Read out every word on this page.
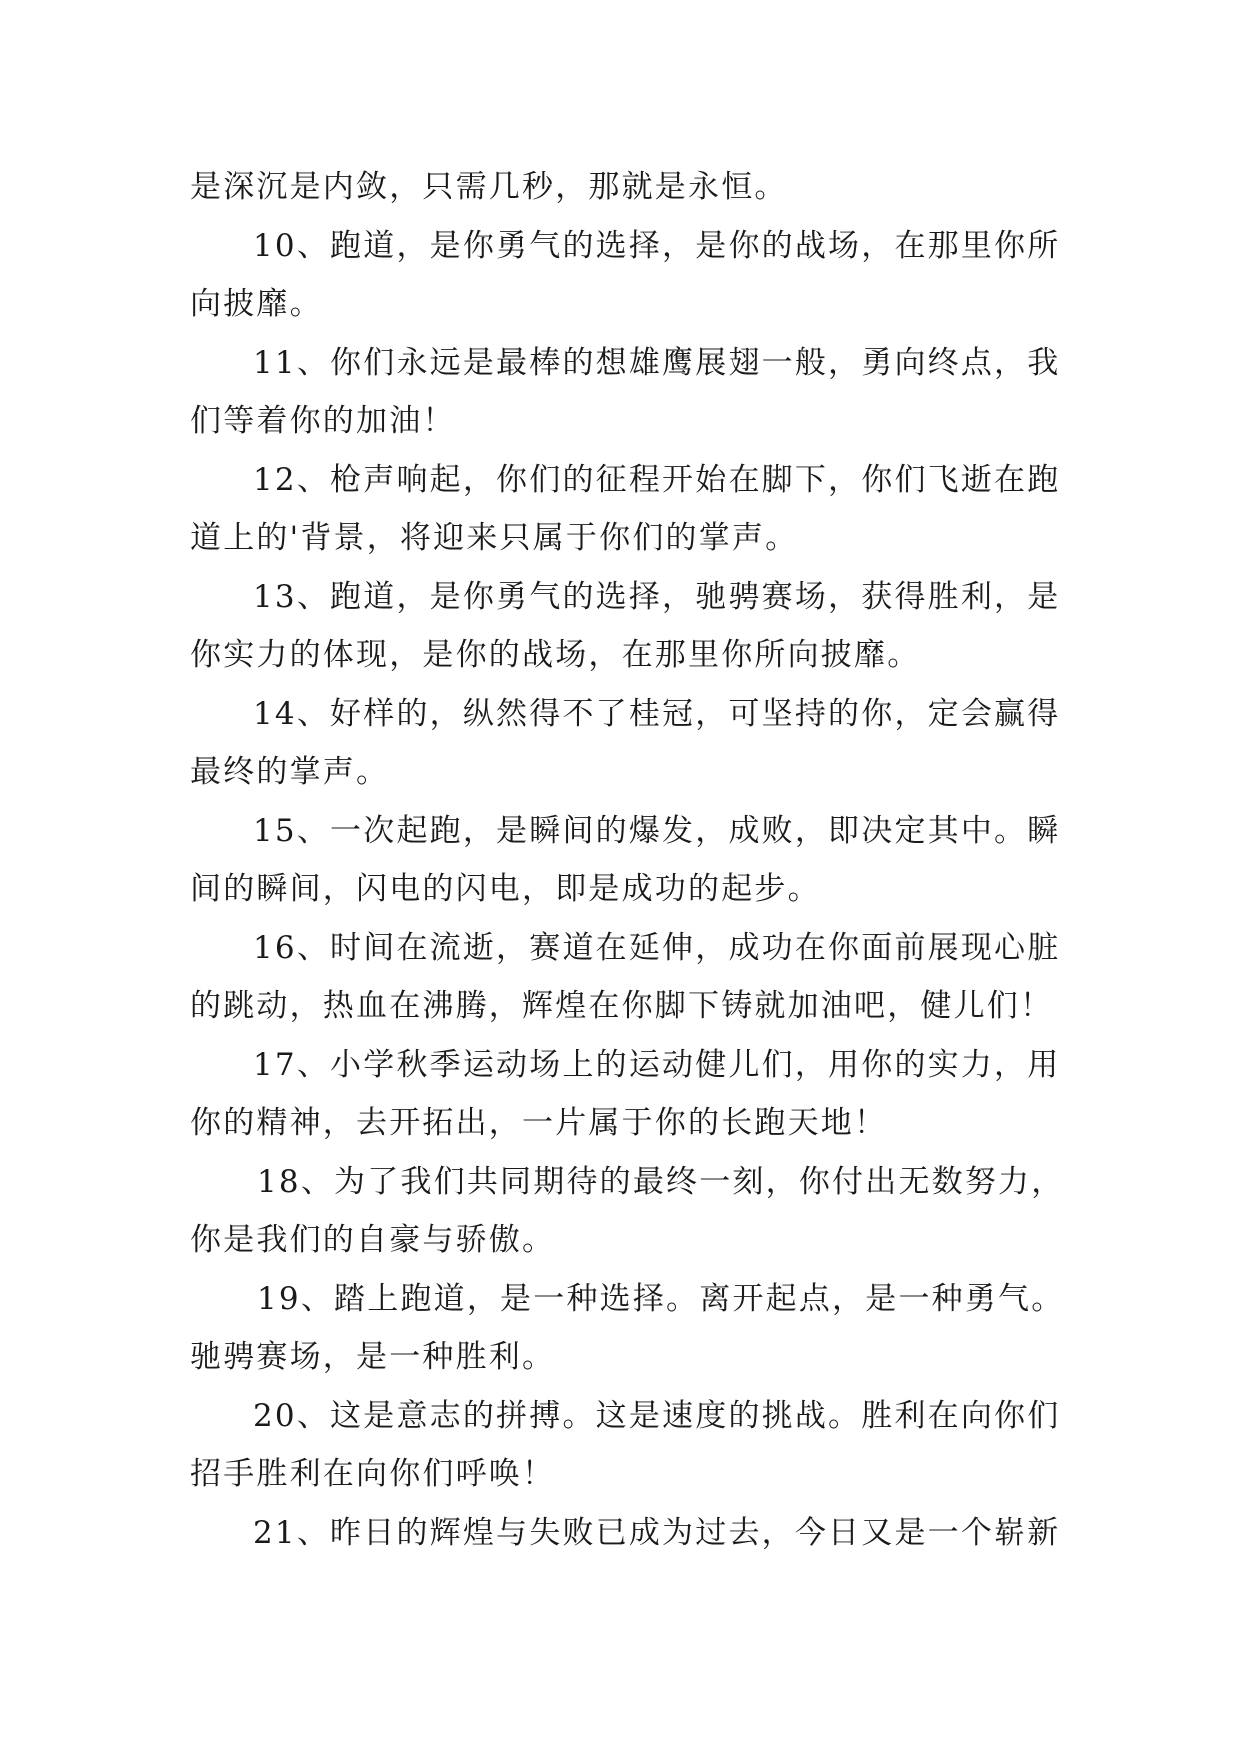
是深沉是内敛，只需几秒，那就是永恒。
10、跑道，是你勇气的选择，是你的战场，在那里你所
向披靡。
11、你们永远是最棒的想雄鹰展翅一般，勇向终点，我
们等着你的加油！
12、枪声响起，你们的征程开始在脚下，你们飞逝在跑
道上的'背景，将迎来只属于你们的掌声。
13、跑道，是你勇气的选择，驰骋赛场，获得胜利，是
你实力的体现，是你的战场，在那里你所向披靡。
14、好样的，纵然得不了桂冠，可坚持的你，定会赢得
最终的掌声。
15、一次起跑，是瞬间的爆发，成败，即决定其中。瞬
间的瞬间，闪电的闪电，即是成功的起步。
16、时间在流逝，赛道在延伸，成功在你面前展现心脏
的跳动，热血在沸腾，辉煌在你脚下铸就加油吧，健儿们！
17、小学秋季运动场上的运动健儿们，用你的实力，用
你的精神，去开拓出，一片属于你的长跑天地！
18、为了我们共同期待的最终一刻，你付出无数努力，
你是我们的自豪与骄傲。
19、踏上跑道，是一种选择。离开起点，是一种勇气。
驰骋赛场，是一种胜利。
20、这是意志的拼搏。这是速度的挑战。胜利在向你们
招手胜利在向你们呼唤！
21、昨日的辉煌与失败已成为过去，今日又是一个崭新
